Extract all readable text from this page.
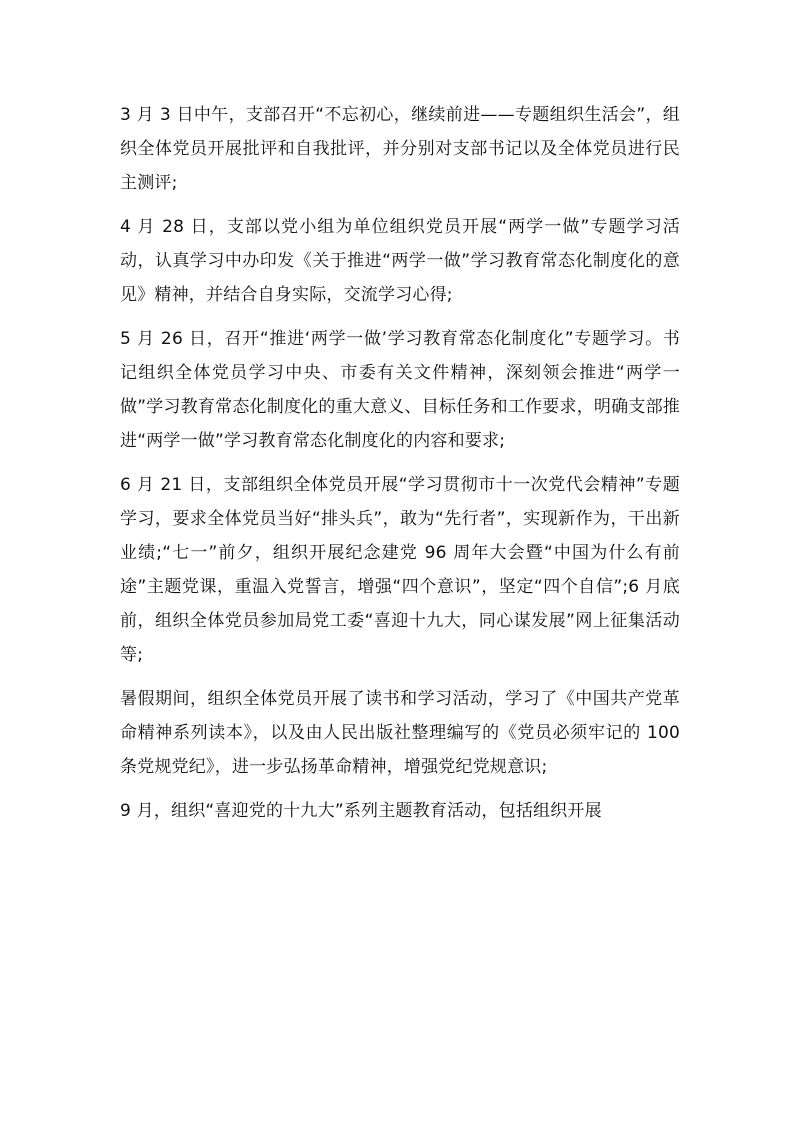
3 月 3 日中午，支部召开“不忘初心，继续前进——专题组织生活会”，组织全体党员开展批评和自我批评，并分别对支部书记以及全体党员进行民主测评;

4 月 28 日，支部以党小组为单位组织党员开展“两学一做”专题学习活动，认真学习中办印发《关于推进“两学一做”学习教育常态化制度化的意见》精神，并结合自身实际，交流学习心得;

5 月 26 日，召开“推进‘两学一做’学习教育常态化制度化”专题学习。书记组织全体党员学习中央、市委有关文件精神，深刻领会推进“两学一做”学习教育常态化制度化的重大意义、目标任务和工作要求，明确支部推进“两学一做”学习教育常态化制度化的内容和要求;

6 月 21 日，支部组织全体党员开展“学习贯彻市十一次党代会精神”专题学习，要求全体党员当好“排头兵”，敢为“先行者”，实现新作为，干出新业绩;“七一”前夕，组织开展纪念建党 96 周年大会暨“中国为什么有前途”主题党课，重温入党誓言，增强“四个意识”，坚定“四个自信”;6 月底前，组织全体党员参加局党工委“喜迎十九大，同心谋发展”网上征集活动等;

暑假期间，组织全体党员开展了读书和学习活动，学习了《中国共产党革命精神系列读本》，以及由人民出版社整理编写的《党员必须牢记的 100 条党规党纪》，进一步弘扬革命精神，增强党纪党规意识;

9 月，组织“喜迎党的十九大”系列主题教育活动，包括组织开展
